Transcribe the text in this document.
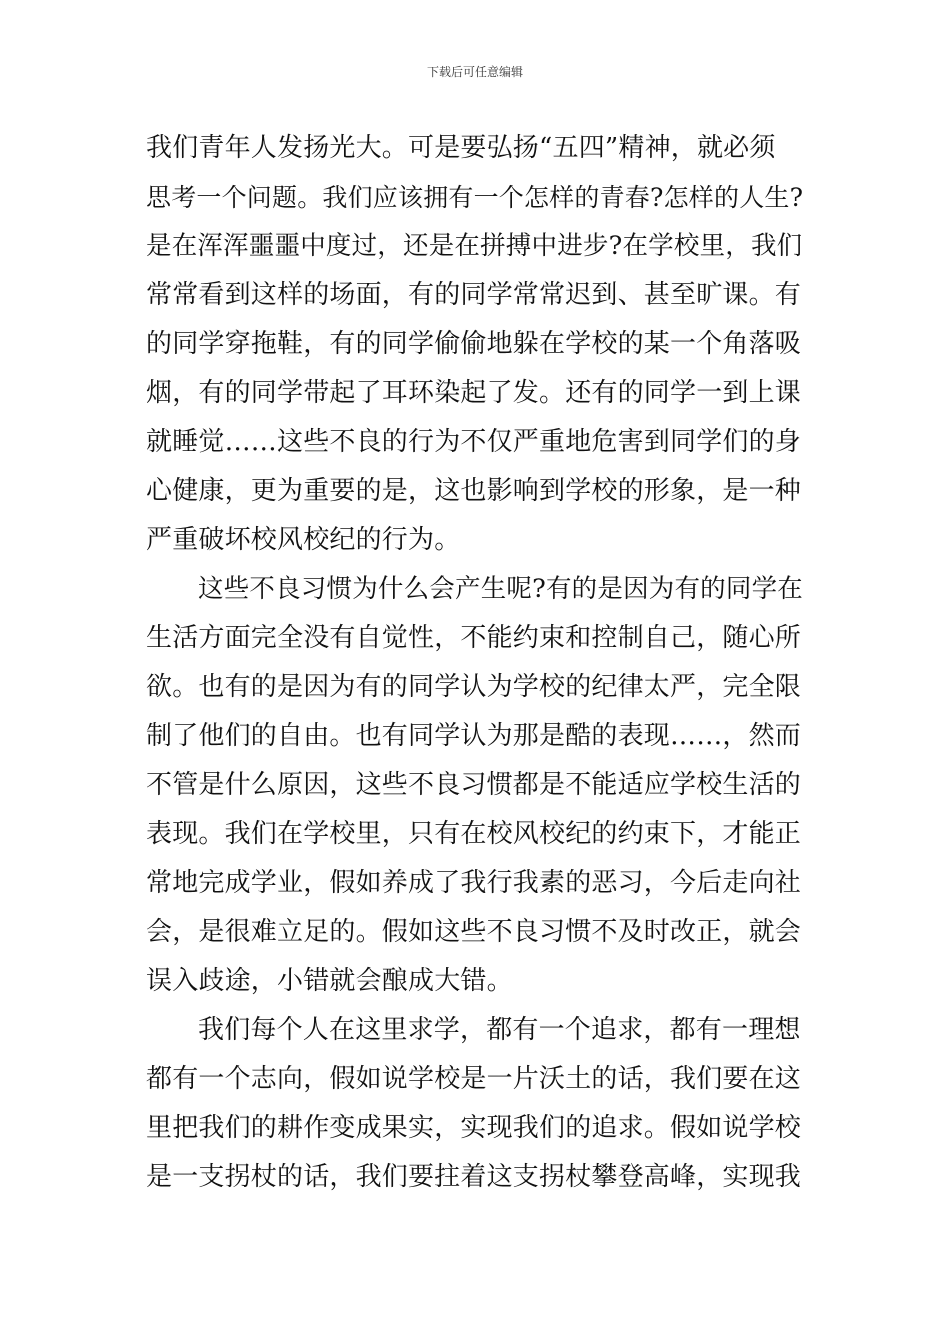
下载后可任意编辑
我们青年人发扬光大。可是要弘扬“五四”精神，就必须
思考一个问题。我们应该拥有一个怎样的青春?怎样的人生?
是在浑浑噩噩中度过，还是在拼搏中进步?在学校里，我们
常常看到这样的场面，有的同学常常迟到、甚至旷课。有
的同学穿拖鞋，有的同学偷偷地躲在学校的某一个角落吸
烟，有的同学带起了耳环染起了发。还有的同学一到上课
就睡觉……这些不良的行为不仅严重地危害到同学们的身
心健康，更为重要的是，这也影响到学校的形象，是一种
严重破坏校风校纪的行为。
这些不良习惯为什么会产生呢?有的是因为有的同学在
生活方面完全没有自觉性，不能约束和控制自己，随心所
欲。也有的是因为有的同学认为学校的纪律太严，完全限
制了他们的自由。也有同学认为那是酷的表现……，然而
不管是什么原因，这些不良习惯都是不能适应学校生活的
表现。我们在学校里，只有在校风校纪的约束下，才能正
常地完成学业，假如养成了我行我素的恶习，今后走向社
会，是很难立足的。假如这些不良习惯不及时改正，就会
误入歧途，小错就会酿成大错。
我们每个人在这里求学，都有一个追求，都有一理想
都有一个志向，假如说学校是一片沃土的话，我们要在这
里把我们的耕作变成果实，实现我们的追求。假如说学校
是一支拐杖的话，我们要拄着这支拐杖攀登高峰，实现我
